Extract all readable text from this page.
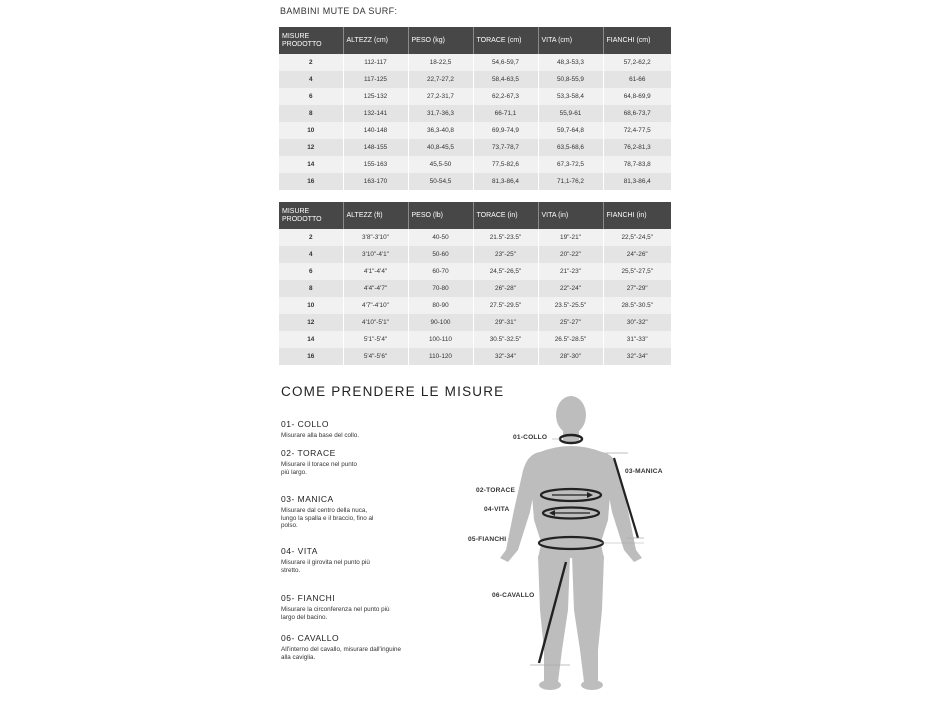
BAMBINI MUTE DA SURF:
MISURE PRODOTTO	ALTEZZ (cm)	PESO (kg)	TORACE (cm)	VITA (cm)	FIANCHI (cm)
2	112-117	18-22,5	54,6-59,7	48,3-53,3	57,2-62,2
4	117-125	22,7-27,2	58,4-63,5	50,8-55,9	61-66
6	125-132	27,2-31,7	62,2-67,3	53,3-58,4	64,8-69,9
8	132-141	31,7-36,3	66-71,1	55,9-61	68,6-73,7
10	140-148	36,3-40,8	69,9-74,9	59,7-64,8	72,4-77,5
12	148-155	40,8-45,5	73,7-78,7	63,5-68,6	76,2-81,3
14	155-163	45,5-50	77,5-82,6	67,3-72,5	78,7-83,8
16	163-170	50-54,5	81,3-86,4	71,1-76,2	81,3-86,4
MISURE PRODOTTO	ALTEZZ (ft)	PESO (lb)	TORACE (in)	VITA (in)	FIANCHI (in)
2	3'8"-3'10"	40-50	21.5"-23.5"	19"-21"	22,5"-24,5"
4	3'10"-4'1"	50-60	23"-25"	20"-22"	24"-26"
6	4'1"-4'4"	60-70	24,5"-26,5"	21"-23"	25,5"-27,5"
8	4'4"-4'7"	70-80	26"-28"	22"-24"	27"-29"
10	4'7"-4'10"	80-90	27.5"-29.5"	23.5"-25.5"	28.5"-30.5"
12	4'10"-5'1"	90-100	29"-31"	25"-27"	30"-32"
14	5'1"-5'4"	100-110	30.5"-32.5"	26.5"-28.5"	31"-33"
16	5'4"-5'6"	110-120	32"-34"	28"-30"	32"-34"
COME PRENDERE LE MISURE
01- COLLO
Misurare alla base del collo.
02- TORACE
Misurare il torace nel punto più largo.
03- MANICA
Misurare dal centro della nuca, lungo la spalla e il braccio, fino al polso.
04- VITA
Misurare il girovita nel punto più stretto.
05- FIANCHI
Misurare la circonferenza nel punto più largo del bacino.
06- CAVALLO
All'interno del cavallo, misurare dall'inguine alla caviglia.
01-COLLO
02-TORACE
03-MANICA
04-VITA
05-FIANCHI
06-CAVALLO
